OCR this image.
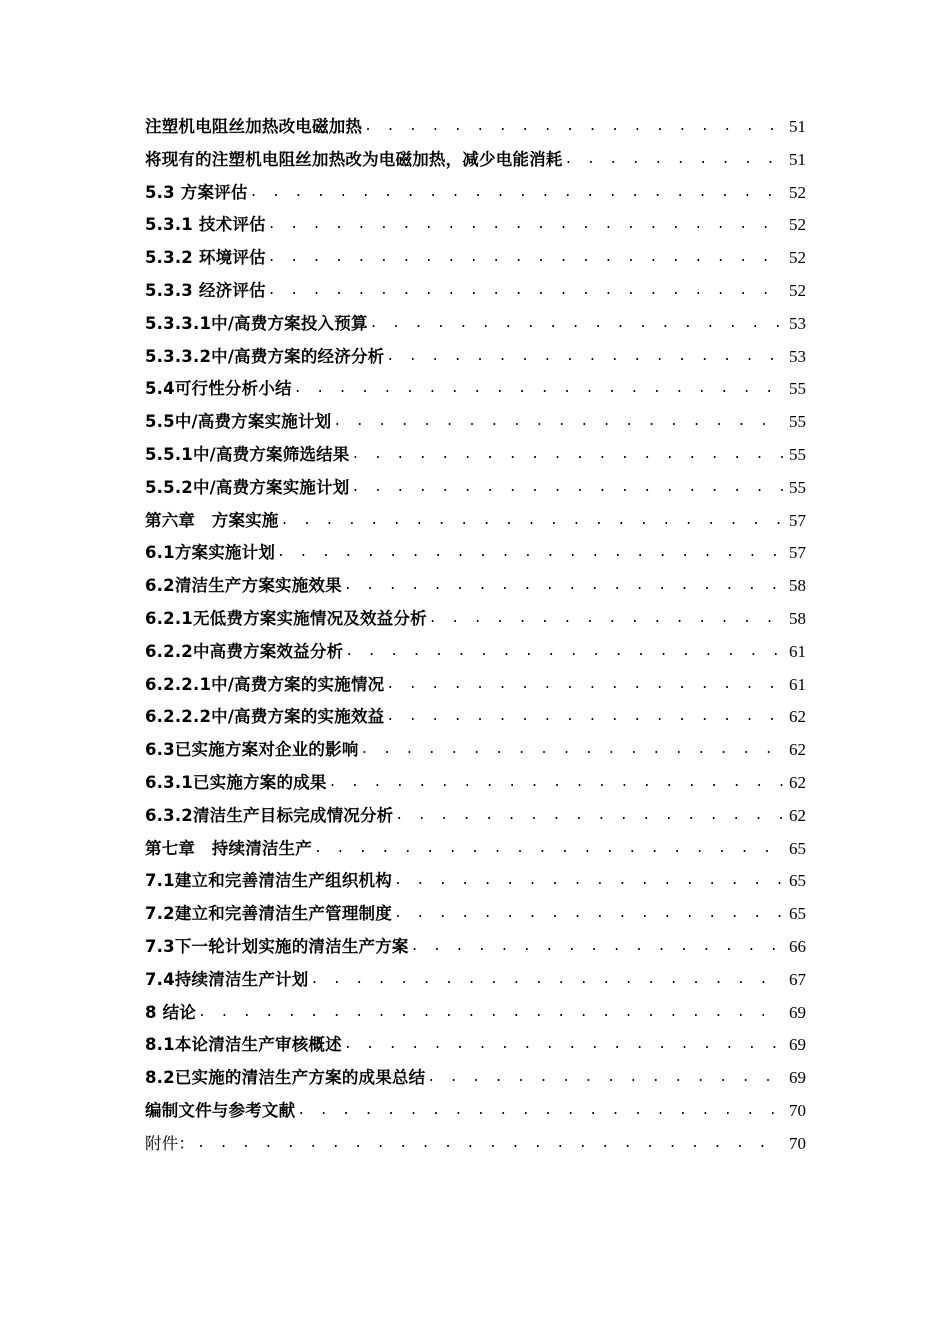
注塑机电阻丝加热改电磁加热 . . .	51
将现有的注塑机电阻丝加热改为电磁加热，减少电能消耗 . . .	51
5.3 方案评估 . . .	52
5.3.1 技术评估 . . .	52
5.3.2 环境评估 . . .	52
5.3.3 经济评估 . . .	52
5.3.3.1中/高费方案投入预算 . . .	53
5.3.3.2中/高费方案的经济分析 . . .	53
5.4可行性分析小结 . . .	55
5.5中/高费方案实施计划 . . .	55
5.5.1中/高费方案筛选结果 . . .	55
5.5.2中/高费方案实施计划 . . .	55
第六章　方案实施 . . .	57
6.1方案实施计划 . . .	57
6.2清洁生产方案实施效果 . . .	58
6.2.1无低费方案实施情况及效益分析 . . .	58
6.2.2中高费方案效益分析 . . .	61
6.2.2.1中/高费方案的实施情况 . . .	61
6.2.2.2中/高费方案的实施效益 . . .	62
6.3已实施方案对企业的影响 . . .	62
6.3.1已实施方案的成果 . . .	62
6.3.2清洁生产目标完成情况分析 . . .	62
第七章　持续清洁生产 . . .	65
7.1建立和完善清洁生产组织机构 . . .	65
7.2建立和完善清洁生产管理制度 . . .	65
7.3下一轮计划实施的清洁生产方案 . . .	66
7.4持续清洁生产计划 . . .	67
8 结论 . . .	69
8.1本论清洁生产审核概述 . . .	69
8.2已实施的清洁生产方案的成果总结 . . .	69
编制文件与参考文献 . . .	70
附件： . . .	70
